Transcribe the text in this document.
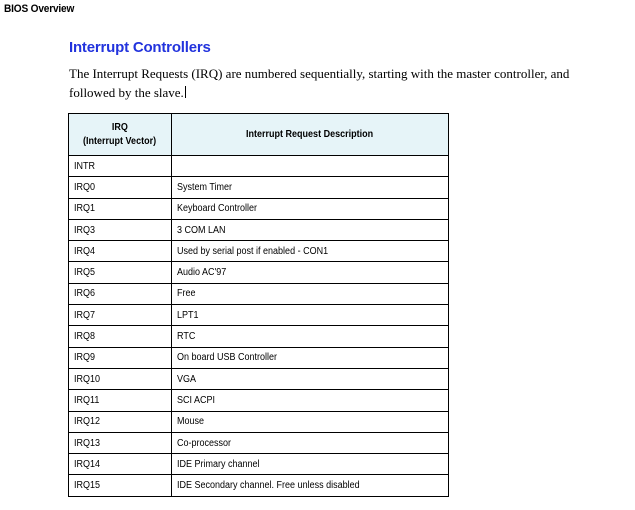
BIOS Overview
Interrupt Controllers

The Interrupt Requests (IRQ) are numbered sequentially, starting with the master controller, and
followed by the slave.

IRQ
(Interrupt Vector)	Interrupt Request Description
INTR	
IRQ0	System Timer
IRQ1	Keyboard Controller
IRQ3	3 COM LAN
IRQ4	Used by serial post if enabled - CON1
IRQ5	Audio AC'97
IRQ6	Free
IRQ7	LPT1
IRQ8	RTC
IRQ9	On board USB Controller
IRQ10	VGA
IRQ11	SCI ACPI
IRQ12	Mouse
IRQ13	Co-processor
IRQ14	IDE Primary channel
IRQ15	IDE Secondary channel. Free unless disabled
